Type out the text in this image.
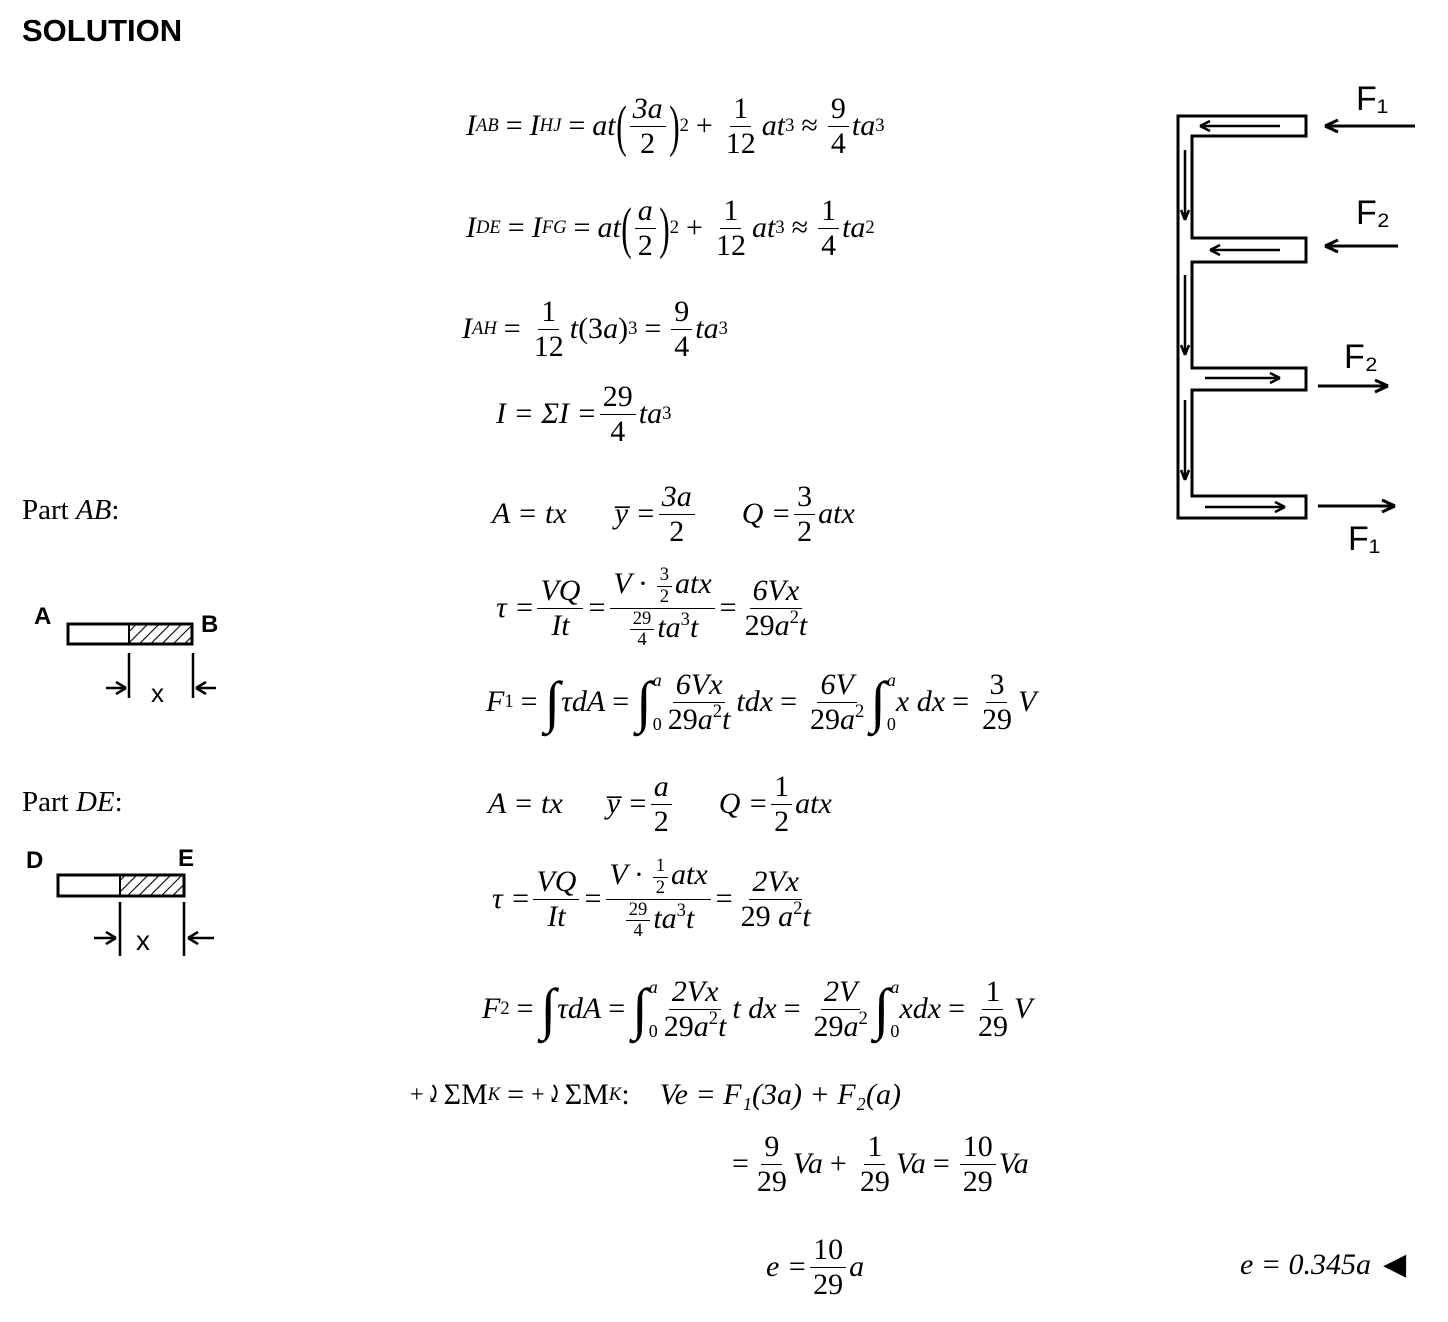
SOLUTION
Part AB:
Part DE:
A	B
x
D	E
x
F₁
F₂
F₂
F₁
I AB = I HJ = at ( $\frac{3a}{2}$ ) $2 + \frac{1}{12}$ at $3 \approx \frac{9}{4}$ ta 3
I DE = I FG = at ( $\frac{a}{2}$ ) $2 + \frac{1}{12}$ at $3 \approx \frac{1}{4}$ ta 2
I AH = $\frac{1}{12}$ t (3 a ) $3 = \frac{9}{4}$ ta 3
$I = \Sigma I = \frac{29}{4}$ ta 3
A = tx y̅ = $\frac{3a}{2}$ $Q = \frac{3}{2}$ atx
$\tau = \frac{VQ}{It} = \frac{V \cdot \frac{3}{2} atx}{\frac{29}{4} ta^3t} = \frac{6Vx}{29a^2t}$
F 1 = ∫ τdA = ∫ a
$0 \frac{6Vx}{29a^2t}$ tdx = $\frac{6V}{29a^2}$ ∫ a
0
x dx = $\frac{3}{29}$ V
A = tx y̅ = $\frac{a}{2}$ $Q = \frac{1}{2}$ atx
$\tau = \frac{VQ}{It} = \frac{V \cdot \frac{1}{2} atx}{\frac{29}{4} ta^3t} = \frac{2Vx}{29 a^2t}$
F 2 = ∫ τdA = ∫ a
$0 \frac{2Vx}{29a^2t}$ t dx = $\frac{2V}{29a^2}$ ∫ a
0
xdx = $\frac{1}{29}$ V
+⤸ ΣM K = +⤸ ΣM K : Ve = F₁(3a) + F₂(a)
= $\frac{9}{29}$ $Va + \frac{1}{29}$ $Va = \frac{10}{29}$ Va
$e = \frac{10}{29}$ a	e = 0.345a ◀
